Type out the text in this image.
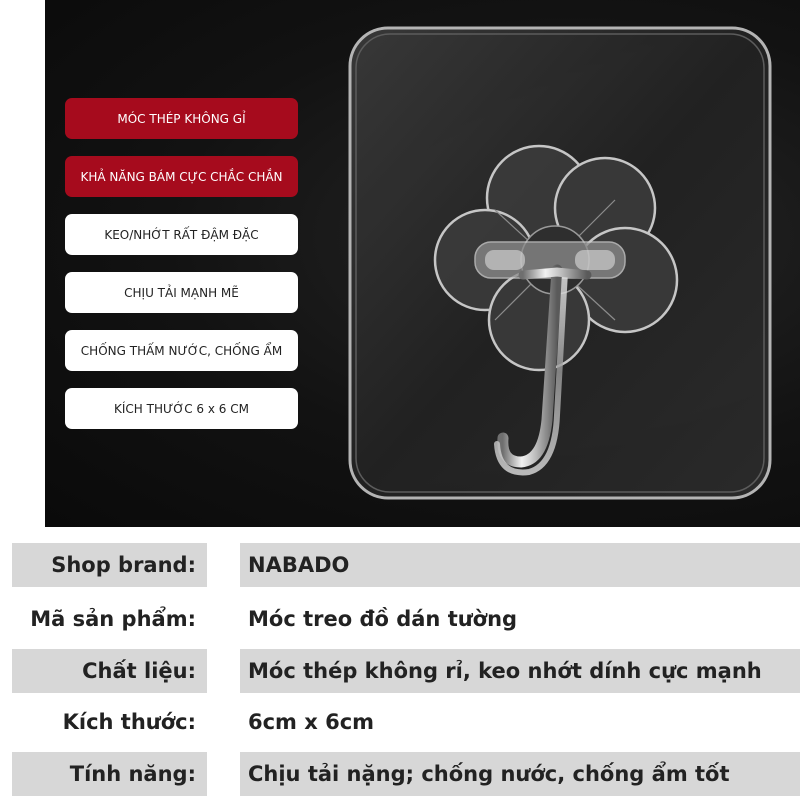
MÓC THÉP KHÔNG GỈ
KHẢ NĂNG BÁM CỰC CHẮC CHẮN
KEO/NHỚT RẤT ĐẬM ĐẶC
CHỊU TẢI MẠNH MẼ
CHỐNG THẤM NƯỚC, CHỐNG ẨM
KÍCH THƯỚC 6 x 6 CM
Shop brand: NABADO
Mã sản phẩm: Móc treo đồ dán tường
Chất liệu: Móc thép không rỉ, keo nhớt dính cực mạnh
Kích thước: 6cm x 6cm
Tính năng: Chịu tải nặng; chống nước, chống ẩm tốt
